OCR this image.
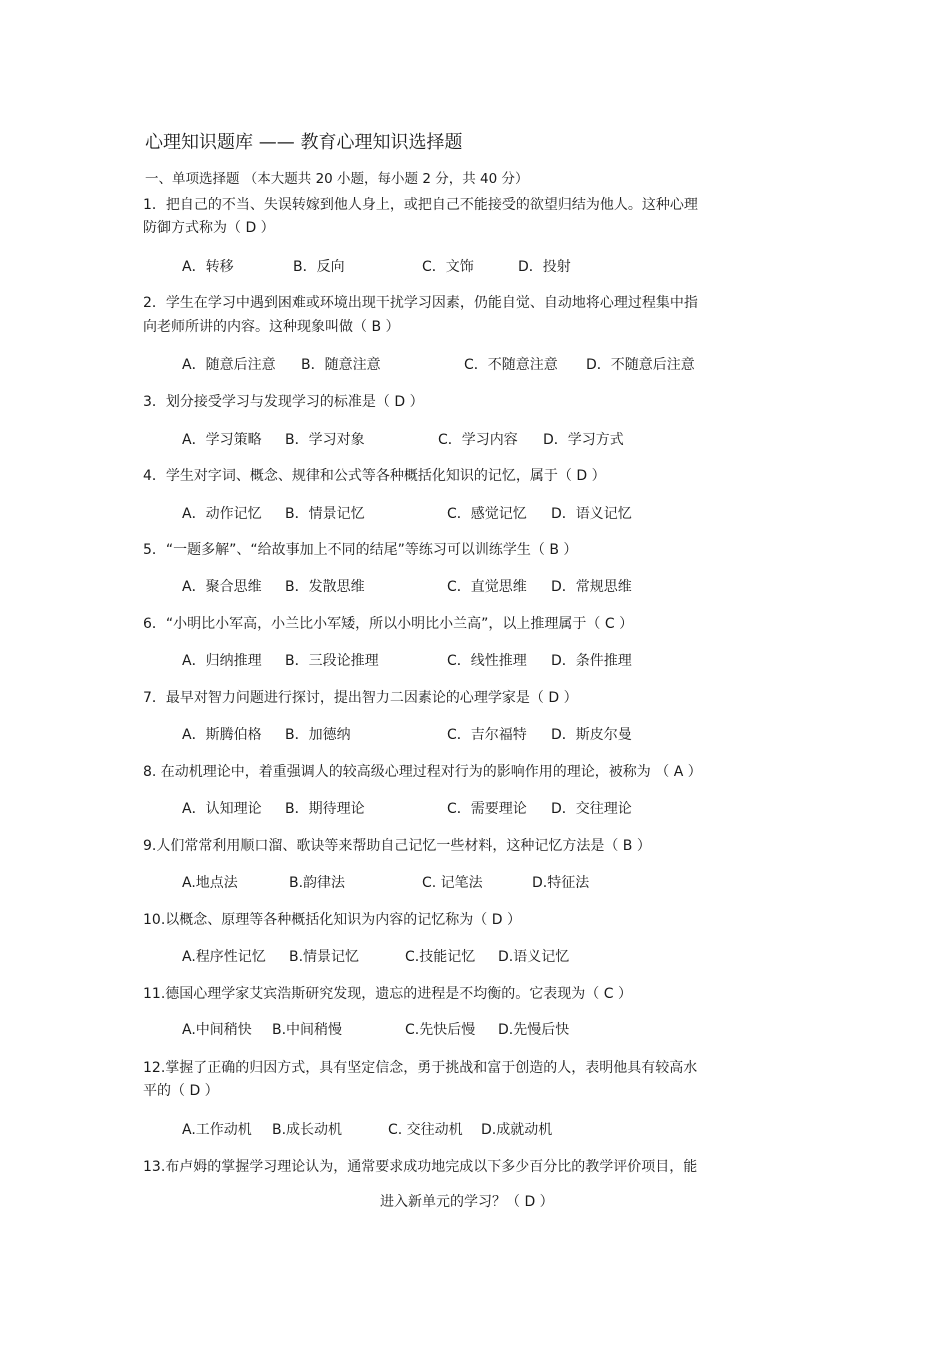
心理知识题库 —— 教育心理知识选择题
一、单项选择题 （本大题共 20 小题，每小题 2 分，共 40 分）
1．把自己的不当、失误转嫁到他人身上，或把自己不能接受的欲望归结为他人。这种心理
防御方式称为（ D ）
A．转移	B．反向	C．文饰	D．投射
2．学生在学习中遇到困难或环境出现干扰学习因素，仍能自觉、自动地将心理过程集中指
向老师所讲的内容。这种现象叫做（ B ）
A．随意后注意 B．随意注意	C．不随意注意 D．不随意后注意
3．划分接受学习与发现学习的标准是（ D ）
A．学习策略 B．学习对象	C．学习内容 D．学习方式
4．学生对字词、概念、规律和公式等各种概括化知识的记忆，属于（ D ）
A．动作记忆 B．情景记忆	C．感觉记忆 D．语义记忆
5．“一题多解”、“给故事加上不同的结尾”等练习可以训练学生（ B ）
A．聚合思维 B．发散思维	C．直觉思维 D．常规思维
6．“小明比小军高，小兰比小军矮，所以小明比小兰高”，以上推理属于（ C ）
A．归纳推理 B．三段论推理	C．线性推理 D．条件推理
7．最早对智力问题进行探讨，提出智力二因素论的心理学家是（ D ）
A．斯腾伯格 B．加德纳	C．吉尔福特 D．斯皮尔曼
8. 在动机理论中，着重强调人的较高级心理过程对行为的影响作用的理论，被称为 （ A ）
A．认知理论 B．期待理论	C．需要理论 D．交往理论
9.人们常常利用顺口溜、歌诀等来帮助自己记忆一些材料，这种记忆方法是（ B ）
A.地点法	B.韵律法	C. 记笔法	D.特征法
10.以概念、原理等各种概括化知识为内容的记忆称为（ D ）
A.程序性记忆 B.情景记忆	C.技能记忆 D.语义记忆
11.德国心理学家艾宾浩斯研究发现，遗忘的进程是不均衡的。它表现为（ C ）
A.中间稍快 B.中间稍慢	C.先快后慢 D.先慢后快
12.掌握了正确的归因方式，具有坚定信念，勇于挑战和富于创造的人，表明他具有较高水
平的（ D ）
A.工作动机 B.成长动机	C. 交往动机 D.成就动机
13.布卢姆的掌握学习理论认为，通常要求成功地完成以下多少百分比的教学评价项目，能
进入新单元的学习？（ D ）
